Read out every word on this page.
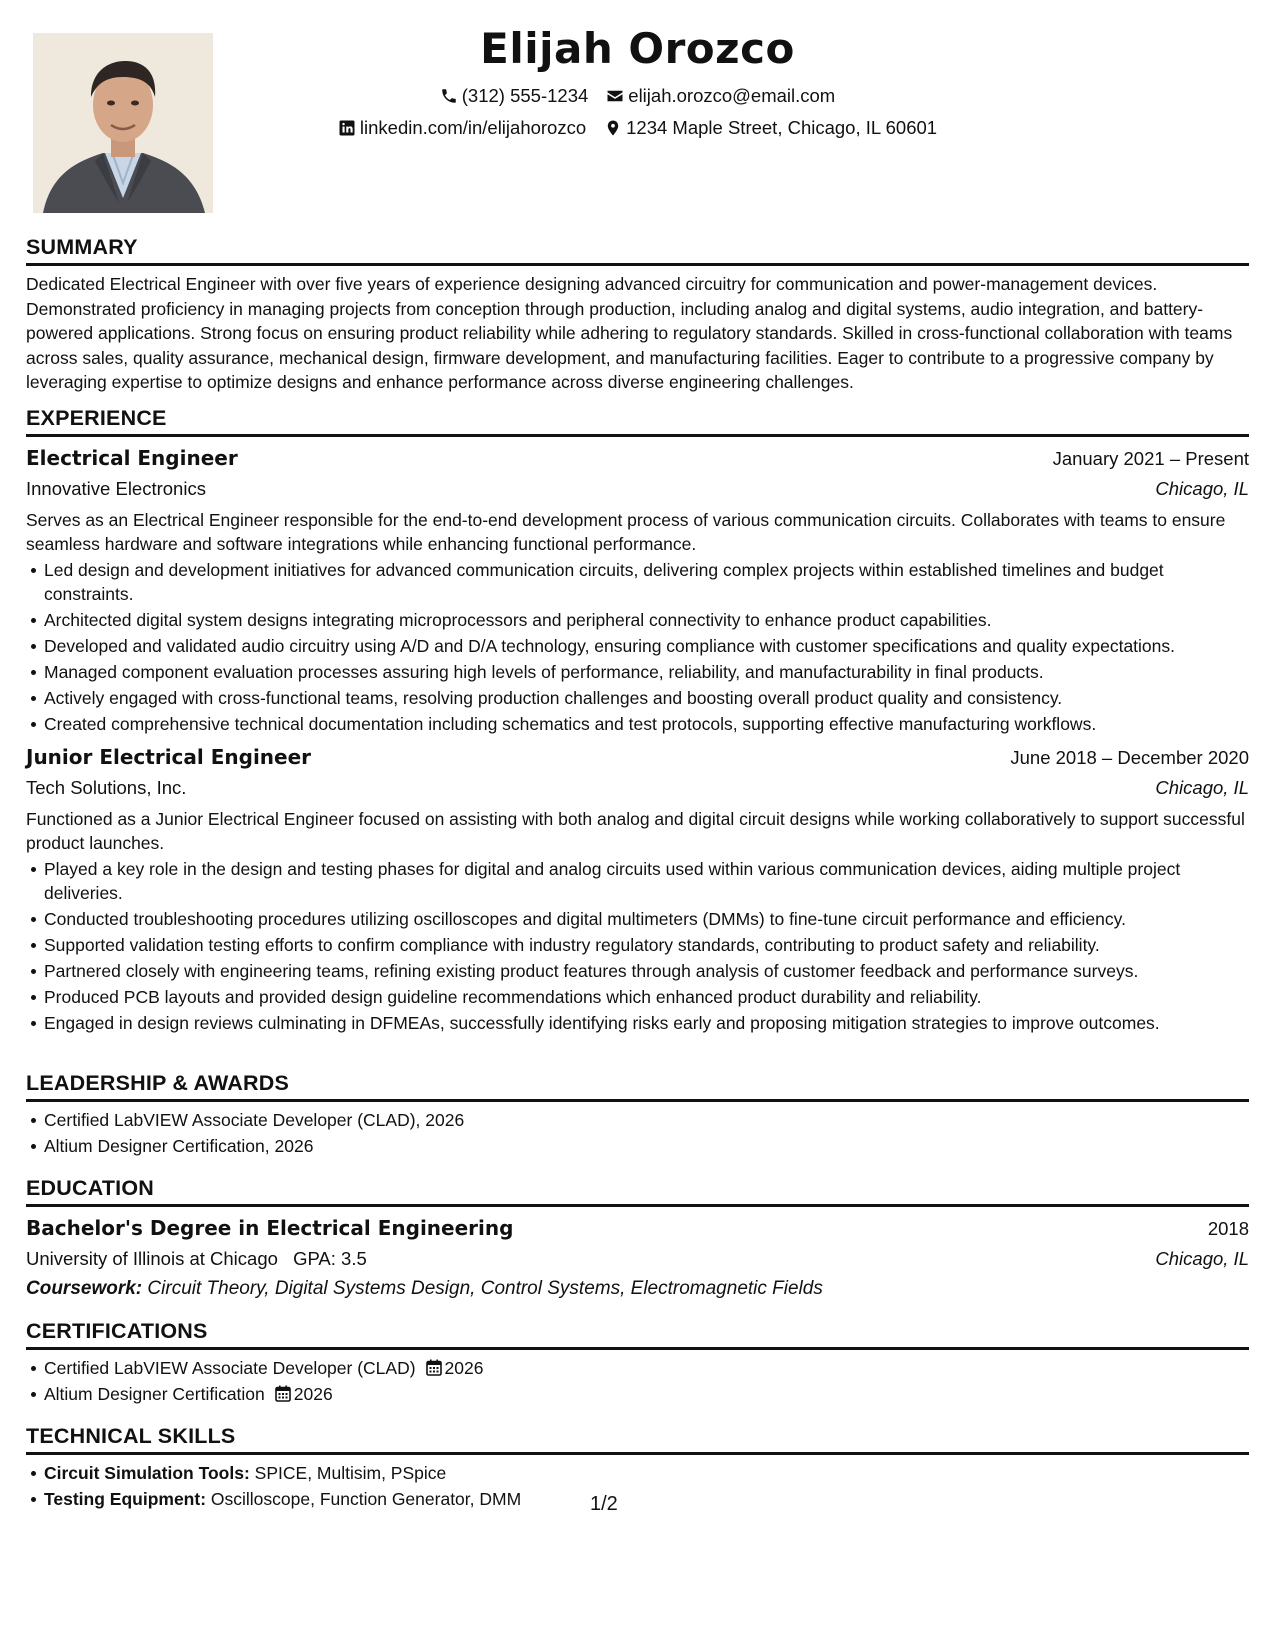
Elijah Orozco
(312) 555-1234 elijah.orozco@email.com
linkedin.com/in/elijahorozco 1234 Maple Street, Chicago, IL 60601
SUMMARY

Dedicated Electrical Engineer with over five years of experience designing advanced circuitry for communication and power-management devices. Demonstrated proficiency in managing projects from conception through production, including analog and digital systems, audio integration, and battery-powered applications. Strong focus on ensuring product reliability while adhering to regulatory standards. Skilled in cross-functional collaboration with teams across sales, quality assurance, mechanical design, firmware development, and manufacturing facilities. Eager to contribute to a progressive company by leveraging expertise to optimize designs and enhance performance across diverse engineering challenges.

EXPERIENCE
Electrical Engineer	January 2021 – Present
Innovative Electronics	Chicago, IL

Serves as an Electrical Engineer responsible for the end-to-end development process of various communication circuits. Collaborates with teams to ensure seamless hardware and software integrations while enhancing functional performance.

Led design and development initiatives for advanced communication circuits, delivering complex projects within established timelines and budget constraints.
Architected digital system designs integrating microprocessors and peripheral connectivity to enhance product capabilities.
Developed and validated audio circuitry using A/D and D/A technology, ensuring compliance with customer specifications and quality expectations.
Managed component evaluation processes assuring high levels of performance, reliability, and manufacturability in final products.
Actively engaged with cross-functional teams, resolving production challenges and boosting overall product quality and consistency.
Created comprehensive technical documentation including schematics and test protocols, supporting effective manufacturing workflows.
Junior Electrical Engineer	June 2018 – December 2020
Tech Solutions, Inc.	Chicago, IL

Functioned as a Junior Electrical Engineer focused on assisting with both analog and digital circuit designs while working collaboratively to support successful product launches.

Played a key role in the design and testing phases for digital and analog circuits used within various communication devices, aiding multiple project deliveries.
Conducted troubleshooting procedures utilizing oscilloscopes and digital multimeters (DMMs) to fine-tune circuit performance and efficiency.
Supported validation testing efforts to confirm compliance with industry regulatory standards, contributing to product safety and reliability.
Partnered closely with engineering teams, refining existing product features through analysis of customer feedback and performance surveys.
Produced PCB layouts and provided design guideline recommendations which enhanced product durability and reliability.
Engaged in design reviews culminating in DFMEAs, successfully identifying risks early and proposing mitigation strategies to improve outcomes.
LEADERSHIP & AWARDS
Certified LabVIEW Associate Developer (CLAD), 2026
Altium Designer Certification, 2026
EDUCATION
Bachelor's Degree in Electrical Engineering	2018
University of Illinois at Chicago GPA: 3.5	Chicago, IL
Coursework: Circuit Theory, Digital Systems Design, Control Systems, Electromagnetic Fields
CERTIFICATIONS
Certified LabVIEW Associate Developer (CLAD) 2026
Altium Designer Certification 2026
TECHNICAL SKILLS
Circuit Simulation Tools: SPICE, Multisim, PSpice
Testing Equipment: Oscilloscope, Function Generator, DMM	1/2
